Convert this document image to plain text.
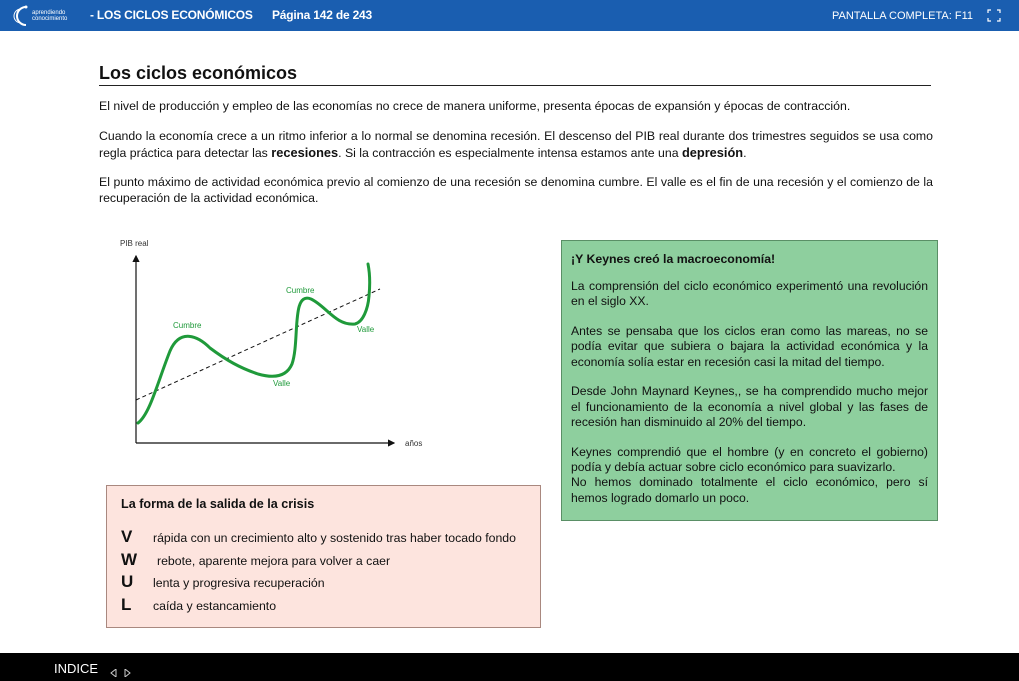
aprendiendo
conocimiento - LOS CICLOS ECONÓMICOS Página 142 de 243	PANTALLA COMPLETA: F11
Los ciclos económicos
El nivel de producción y empleo de las economías no crece de manera uniforme, presenta épocas de expansión y épocas de contracción.
Cuando la economía crece a un ritmo inferior a lo normal se denomina recesión. El descenso del PIB real durante dos trimestres seguidos se usa como regla práctica para detectar las recesiones. Si la contracción es especialmente intensa estamos ante una depresión.
El punto máximo de actividad económica previo al comienzo de una recesión se denomina cumbre. El valle es el fin de una recesión y el comienzo de la recuperación de la actividad económica.
PIB real
años
Cumbre
Cumbre
Valle
Valle
¡Y Keynes creó la macroeconomía!
La comprensión del ciclo económico experimentó una revolución en el siglo XX.
Antes se pensaba que los ciclos eran como las mareas, no se podía evitar que subiera o bajara la actividad económica y la economía solía estar en recesión casi la mitad del tiempo.
Desde John Maynard Keynes,, se ha comprendido mucho mejor el funcionamiento de la economía a nivel global y las fases de recesión han disminuido al 20% del tiempo.
Keynes comprendió que el hombre (y en concreto el gobierno) podía y debía actuar sobre ciclo económico para suavizarlo.
No hemos dominado totalmente el ciclo económico, pero sí hemos logrado domarlo un poco.
La forma de la salida de la crisis
V	rápida con un crecimiento alto y sostenido tras haber tocado fondo
W	rebote, aparente mejora para volver a caer
U	lenta y progresiva recuperación
L	caída y estancamiento
INDICE
